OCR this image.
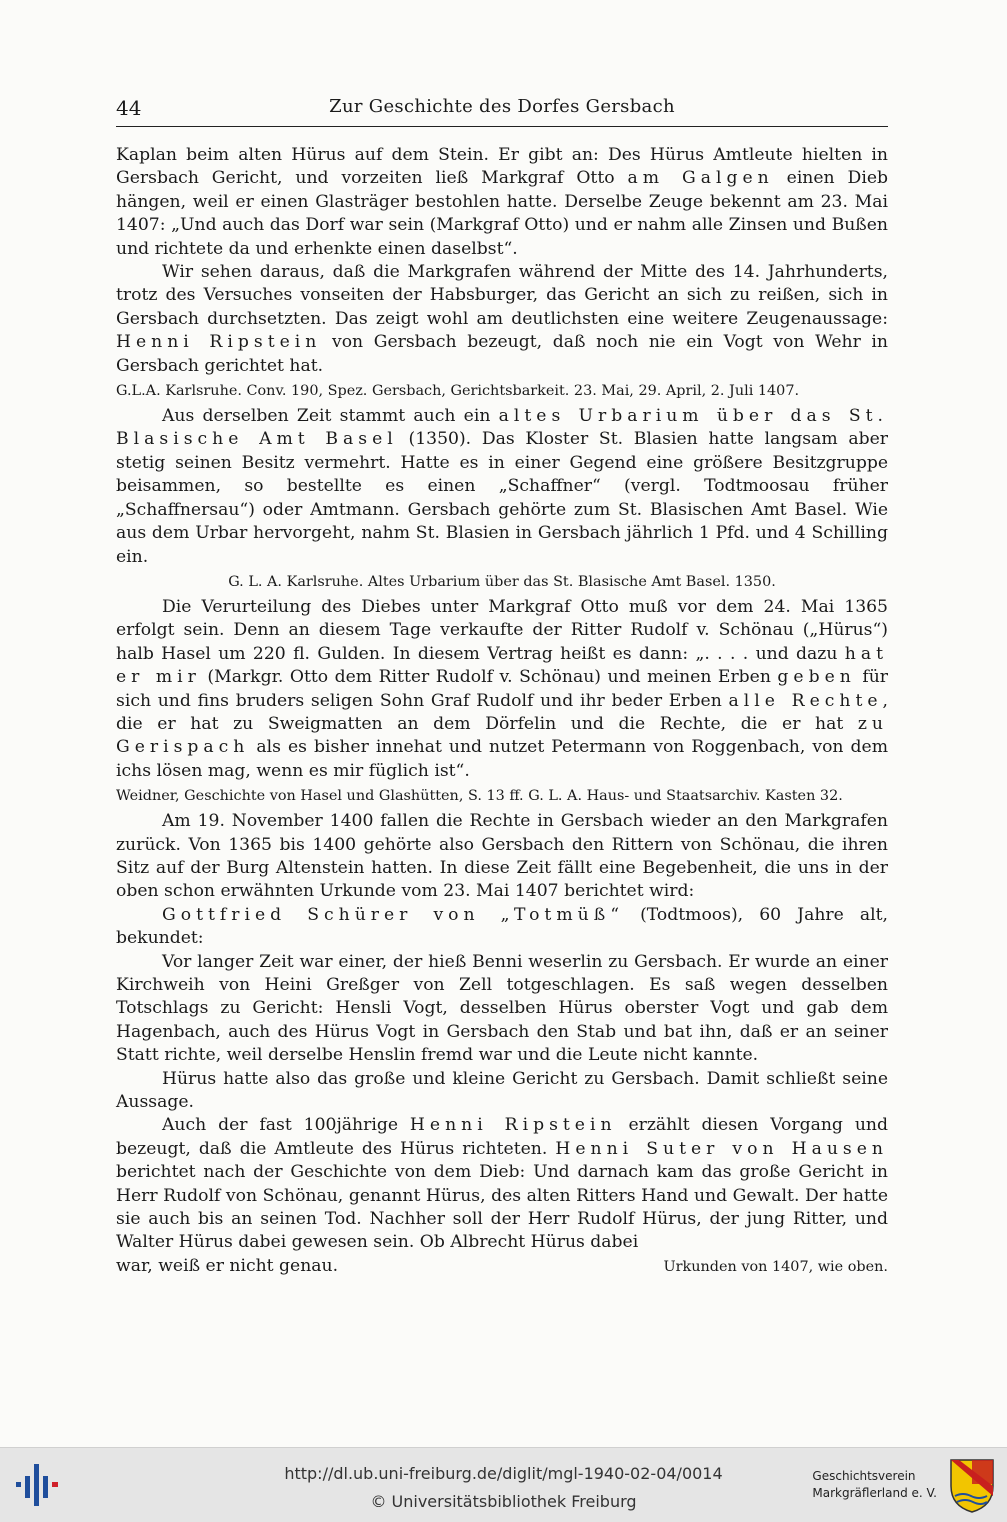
44	Zur Geschichte des Dorfes Gersbach

Kaplan beim alten Hürus auf dem Stein. Er gibt an: Des Hürus Amtleute hielten in Gersbach Gericht, und vorzeiten ließ Markgraf Otto am Galgen einen Dieb hängen, weil er einen Glasträger bestohlen hatte. Derselbe Zeuge bekennt am 23. Mai 1407: „Und auch das Dorf war sein (Markgraf Otto) und er nahm alle Zinsen und Bußen und richtete da und erhenkte einen daselbst“.

Wir sehen daraus, daß die Markgrafen während der Mitte des 14. Jahrhunderts, trotz des Versuches vonseiten der Habsburger, das Gericht an sich zu reißen, sich in Gersbach durchsetzten. Das zeigt wohl am deutlichsten eine weitere Zeugenaussage: Henni Ripstein von Gersbach bezeugt, daß noch nie ein Vogt von Wehr in Gersbach gerichtet hat.

G.L.A. Karlsruhe. Conv. 190, Spez. Gersbach, Gerichtsbarkeit. 23. Mai, 29. April, 2. Juli 1407.

Aus derselben Zeit stammt auch ein altes Urbarium über das St. Blasische Amt Basel (1350). Das Kloster St. Blasien hatte langsam aber stetig seinen Besitz vermehrt. Hatte es in einer Gegend eine größere Besitzgruppe beisammen, so bestellte es einen „Schaffner“ (vergl. Todtmoosau früher „Schaffnersau“) oder Amtmann. Gersbach gehörte zum St. Blasischen Amt Basel. Wie aus dem Urbar hervorgeht, nahm St. Blasien in Gersbach jährlich 1 Pfd. und 4 Schilling ein.

G. L. A. Karlsruhe. Altes Urbarium über das St. Blasische Amt Basel. 1350.

Die Verurteilung des Diebes unter Markgraf Otto muß vor dem 24. Mai 1365 erfolgt sein. Denn an diesem Tage verkaufte der Ritter Rudolf v. Schönau („Hürus“) halb Hasel um 220 fl. Gulden. In diesem Vertrag heißt es dann: „. . . . und dazu hat er mir (Markgr. Otto dem Ritter Rudolf v. Schönau) und meinen Erben geben für sich und fins bruders seligen Sohn Graf Rudolf und ihr beder Erben alle Rechte, die er hat zu Sweigmatten an dem Dörfelin und die Rechte, die er hat zu Gerispach als es bisher innehat und nutzet Petermann von Roggenbach, von dem ichs lösen mag, wenn es mir füglich ist“.

Weidner, Geschichte von Hasel und Glashütten, S. 13 ff. G. L. A. Haus- und Staatsarchiv. Kasten 32.

Am 19. November 1400 fallen die Rechte in Gersbach wieder an den Markgrafen zurück. Von 1365 bis 1400 gehörte also Gersbach den Rittern von Schönau, die ihren Sitz auf der Burg Altenstein hatten. In diese Zeit fällt eine Begebenheit, die uns in der oben schon erwähnten Urkunde vom 23. Mai 1407 berichtet wird:

Gottfried Schürer von „Totmüß“ (Todtmoos), 60 Jahre alt, bekundet:

Vor langer Zeit war einer, der hieß Benni weserlin zu Gersbach. Er wurde an einer Kirchweih von Heini Greßger von Zell totgeschlagen. Es saß wegen desselben Totschlags zu Gericht: Hensli Vogt, desselben Hürus oberster Vogt und gab dem Hagenbach, auch des Hürus Vogt in Gersbach den Stab und bat ihn, daß er an seiner Statt richte, weil derselbe Henslin fremd war und die Leute nicht kannte.

Hürus hatte also das große und kleine Gericht zu Gersbach. Damit schließt seine Aussage.

Auch der fast 100jährige Henni Ripstein erzählt diesen Vorgang und bezeugt, daß die Amtleute des Hürus richteten. Henni Suter von Hausen berichtet nach der Geschichte von dem Dieb: Und darnach kam das große Gericht in Herr Rudolf von Schönau, genannt Hürus, des alten Ritters Hand und Gewalt. Der hatte sie auch bis an seinen Tod. Nachher soll der Herr Rudolf Hürus, der jung Ritter, und Walter Hürus dabei gewesen sein. Ob Albrecht Hürus dabei

war, weiß er nicht genau.	Urkunden von 1407, wie oben.
http://dl.ub.uni-freiburg.de/diglit/mgl-1940-02-04/0014
© Universitätsbibliothek Freiburg
Geschichtsverein
Markgräflerland e. V.
